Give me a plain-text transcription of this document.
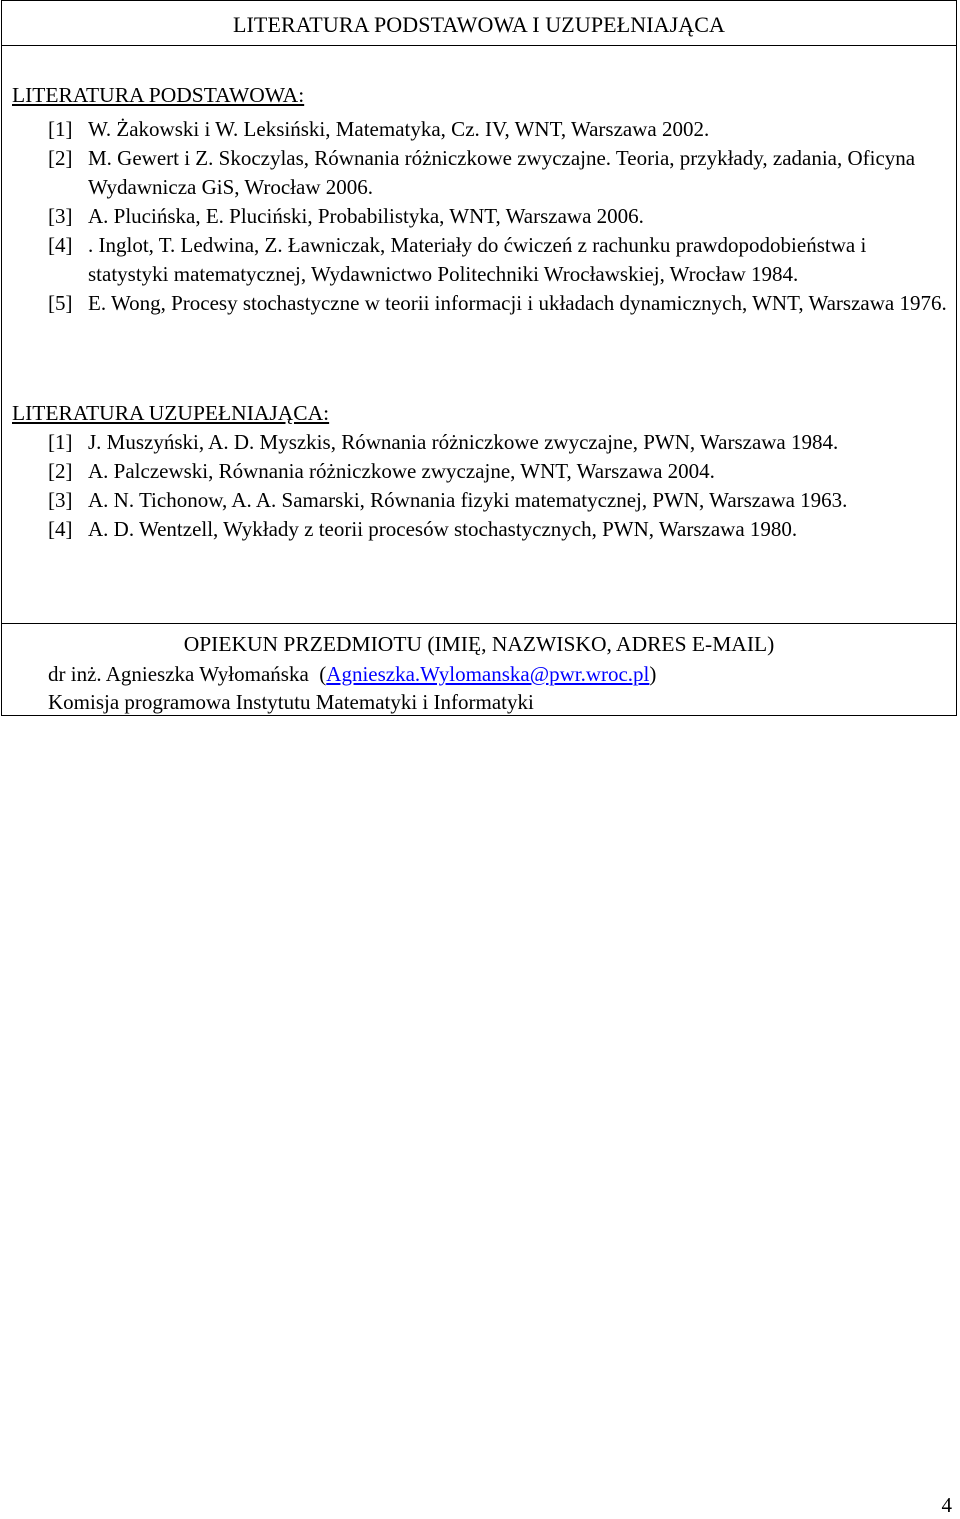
LITERATURA PODSTAWOWA I UZUPEŁNIAJĄCA
LITERATURA PODSTAWOWA:
[1] W. Żakowski i W. Leksiński, Matematyka, Cz. IV, WNT, Warszawa 2002.
[2] M. Gewert i Z. Skoczylas, Równania różniczkowe zwyczajne. Teoria, przykłady, zadania, Oficyna Wydawnicza GiS, Wrocław 2006.
[3] A. Plucińska, E. Pluciński, Probabilistyka, WNT, Warszawa 2006.
[4] . Inglot, T. Ledwina, Z. Ławniczak, Materiały do ćwiczeń z rachunku prawdopodobieństwa i statystyki matematycznej, Wydawnictwo Politechniki Wrocławskiej, Wrocław 1984.
[5] E. Wong, Procesy stochastyczne w teorii informacji i układach dynamicznych, WNT, Warszawa 1976.
LITERATURA UZUPEŁNIAJĄCA:
[1] J. Muszyński, A. D. Myszkis, Równania różniczkowe zwyczajne, PWN, Warszawa 1984.
[2] A. Palczewski, Równania różniczkowe zwyczajne, WNT, Warszawa 2004.
[3] A. N. Tichonow, A. A. Samarski, Równania fizyki matematycznej, PWN, Warszawa 1963.
[4] A. D. Wentzell, Wykłady z teorii procesów stochastycznych, PWN, Warszawa 1980.
OPIEKUN PRZEDMIOTU (IMIĘ, NAZWISKO, ADRES E-MAIL)
dr inż. Agnieszka Wyłomańska (Agnieszka.Wylomanska@pwr.wroc.pl)
Komisja programowa Instytutu Matematyki i Informatyki
4
